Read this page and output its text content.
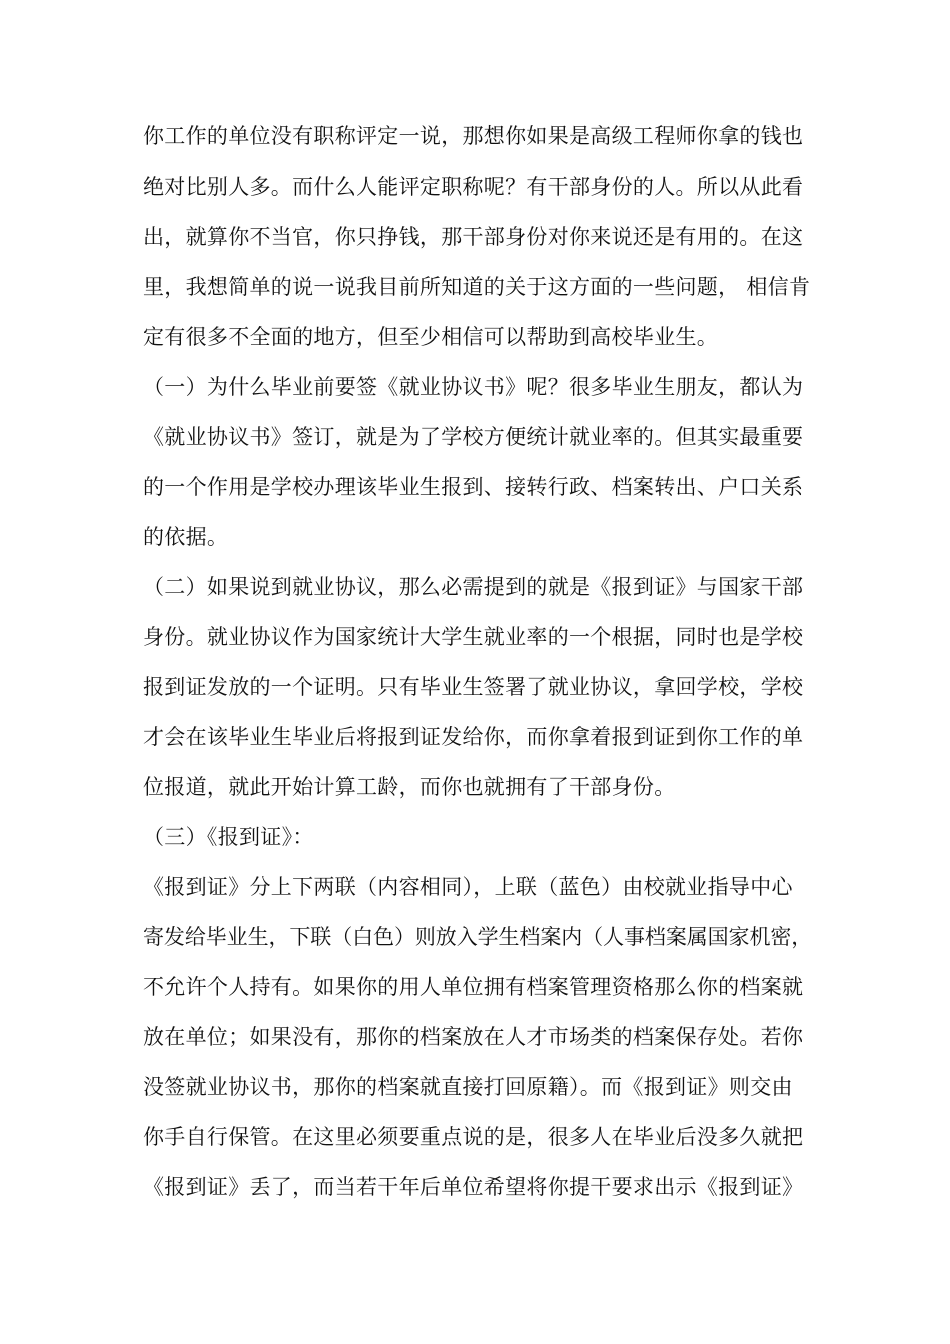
你工作的单位没有职称评定一说，那想你如果是高级工程师你拿的钱也
绝对比别人多。而什么人能评定职称呢？有干部身份的人。所以从此看
出，就算你不当官，你只挣钱，那干部身份对你来说还是有用的。在这
里，我想简单的说一说我目前所知道的关于这方面的一些问题， 相信肯
定有很多不全面的地方，但至少相信可以帮助到高校毕业生。
（一）为什么毕业前要签《就业协议书》呢？很多毕业生朋友，都认为
《就业协议书》签订，就是为了学校方便统计就业率的。但其实最重要
的一个作用是学校办理该毕业生报到、接转行政、档案转出、户口关系
的依据。
（二）如果说到就业协议，那么必需提到的就是《报到证》与国家干部
身份。就业协议作为国家统计大学生就业率的一个根据，同时也是学校
报到证发放的一个证明。只有毕业生签署了就业协议，拿回学校，学校
才会在该毕业生毕业后将报到证发给你，而你拿着报到证到你工作的单
位报道，就此开始计算工龄，而你也就拥有了干部身份。
（三）《报到证》：
《报到证》分上下两联（内容相同），上联（蓝色）由校就业指导中心
寄发给毕业生，下联（白色）则放入学生档案内（人事档案属国家机密，
不允许个人持有。如果你的用人单位拥有档案管理资格那么你的档案就
放在单位；如果没有，那你的档案放在人才市场类的档案保存处。若你
没签就业协议书，那你的档案就直接打回原籍）。而《报到证》则交由
你手自行保管。在这里必须要重点说的是，很多人在毕业后没多久就把
《报到证》丢了，而当若干年后单位希望将你提干要求出示《报到证》
